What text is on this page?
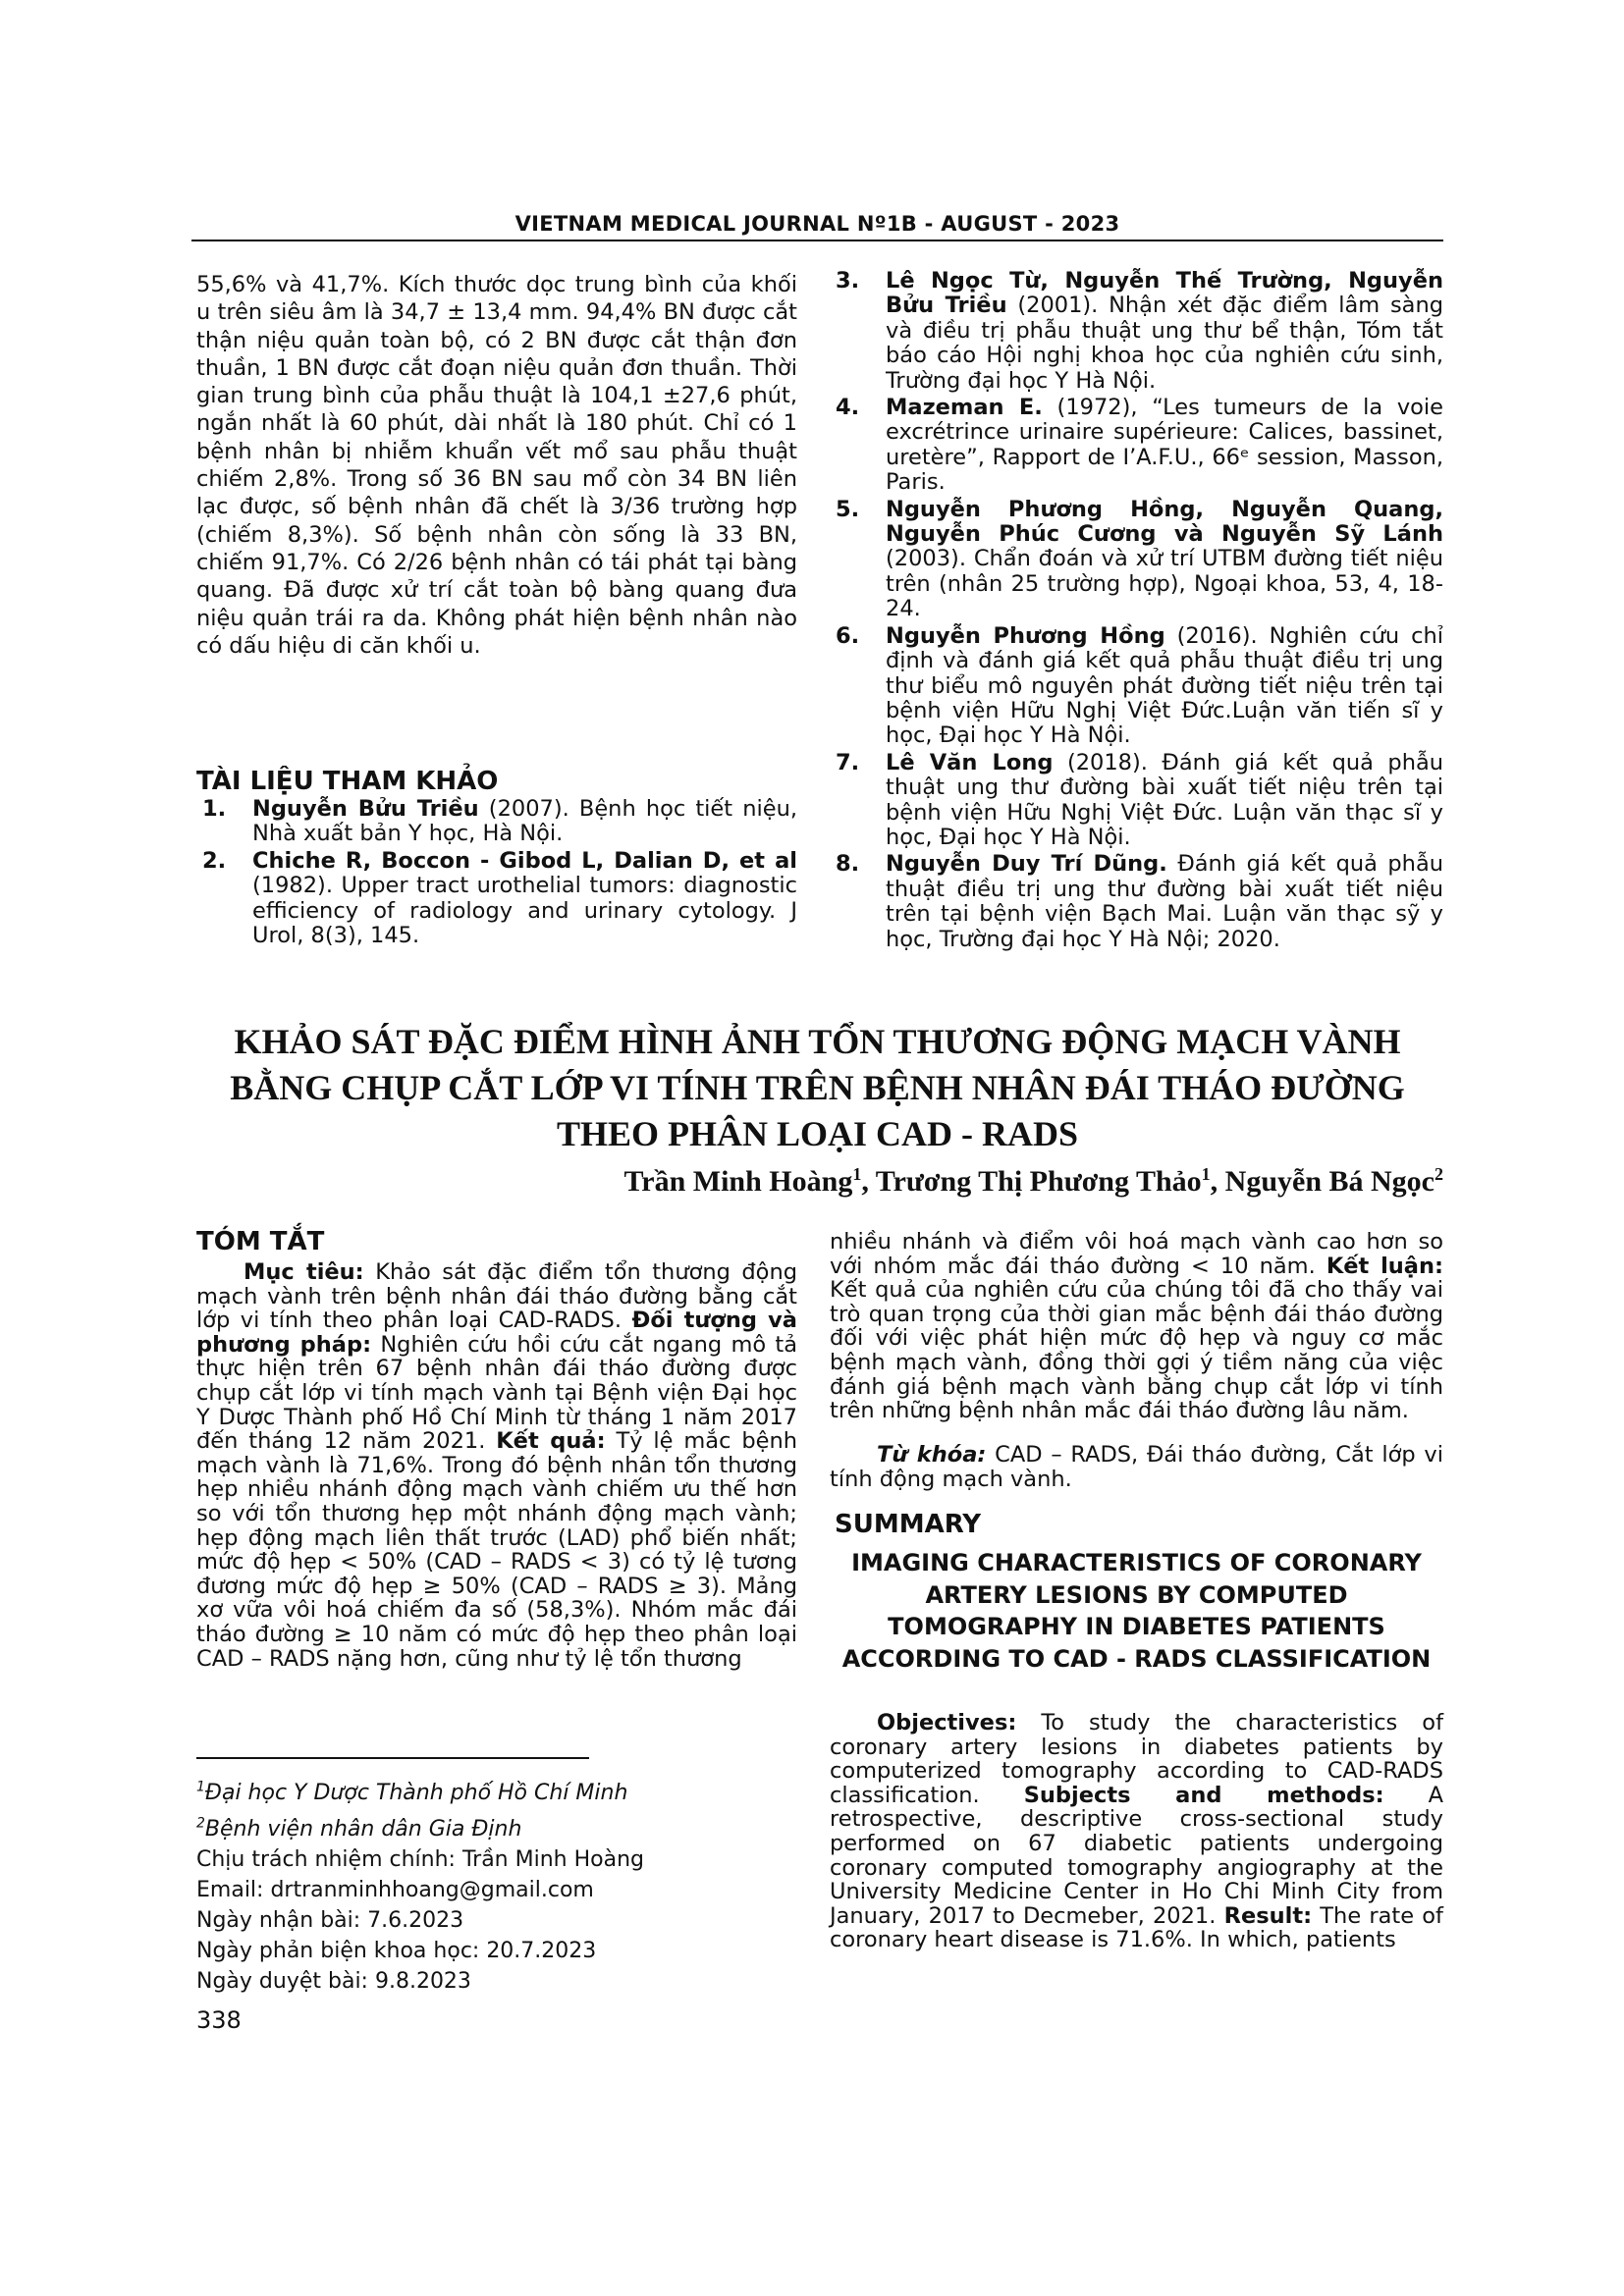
VIETNAM MEDICAL JOURNAL Nº1B - AUGUST - 2023
55,6% và 41,7%. Kích thước dọc trung bình của khối u trên siêu âm là 34,7 ± 13,4 mm. 94,4% BN được cắt thận niệu quản toàn bộ, có 2 BN được cắt thận đơn thuần, 1 BN được cắt đoạn niệu quản đơn thuần. Thời gian trung bình của phẫu thuật là 104,1 ±27,6 phút, ngắn nhất là 60 phút, dài nhất là 180 phút. Chỉ có 1 bệnh nhân bị nhiễm khuẩn vết mổ sau phẫu thuật chiếm 2,8%. Trong số 36 BN sau mổ còn 34 BN liên lạc được, số bệnh nhân đã chết là 3/36 trường hợp (chiếm 8,3%). Số bệnh nhân còn sống là 33 BN, chiếm 91,7%. Có 2/26 bệnh nhân có tái phát tại bàng quang. Đã được xử trí cắt toàn bộ bàng quang đưa niệu quản trái ra da. Không phát hiện bệnh nhân nào có dấu hiệu di căn khối u.
TÀI LIỆU THAM KHẢO
1. Nguyễn Bửu Triều (2007). Bệnh học tiết niệu, Nhà xuất bản Y học, Hà Nội.
2. Chiche R, Boccon - Gibod L, Dalian D, et al (1982). Upper tract urothelial tumors: diagnostic efficiency of radiology and urinary cytology. J Urol, 8(3), 145.
3. Lê Ngọc Từ, Nguyễn Thế Trường, Nguyễn Bửu Triều (2001). Nhận xét đặc điểm lâm sàng và điều trị phẫu thuật ung thư bể thận, Tóm tắt báo cáo Hội nghị khoa học của nghiên cứu sinh, Trường đại học Y Hà Nội.
4. Mazeman E. (1972), “Les tumeurs de la voie excrétrince urinaire supérieure: Calices, bassinet, uretère”, Rapport de I’A.F.U., 66ᵉ session, Masson, Paris.
5. Nguyễn Phương Hồng, Nguyễn Quang, Nguyễn Phúc Cương và Nguyễn Sỹ Lánh (2003). Chẩn đoán và xử trí UTBM đường tiết niệu trên (nhân 25 trường hợp), Ngoại khoa, 53, 4, 18-24.
6. Nguyễn Phương Hồng (2016). Nghiên cứu chỉ định và đánh giá kết quả phẫu thuật điều trị ung thư biểu mô nguyên phát đường tiết niệu trên tại bệnh viện Hữu Nghị Việt Đức.Luận văn tiến sĩ y học, Đại học Y Hà Nội.
7. Lê Văn Long (2018). Đánh giá kết quả phẫu thuật ung thư đường bài xuất tiết niệu trên tại bệnh viện Hữu Nghị Việt Đức. Luận văn thạc sĩ y học, Đại học Y Hà Nội.
8. Nguyễn Duy Trí Dũng. Đánh giá kết quả phẫu thuật điều trị ung thư đường bài xuất tiết niệu trên tại bệnh viện Bạch Mai. Luận văn thạc sỹ y học, Trường đại học Y Hà Nội; 2020.
KHẢO SÁT ĐẶC ĐIỂM HÌNH ẢNH TỔN THƯƠNG ĐỘNG MẠCH VÀNH
BẰNG CHỤP CẮT LỚP VI TÍNH TRÊN BỆNH NHÂN ĐÁI THÁO ĐƯỜNG
THEO PHÂN LOẠI CAD - RADS
Trần Minh Hoàng$^1$, Trương Thị Phương Thảo$^1$, Nguyễn Bá Ngọc$^2$
TÓM TẮT
Mục tiêu: Khảo sát đặc điểm tổn thương động mạch vành trên bệnh nhân đái tháo đường bằng cắt lớp vi tính theo phân loại CAD-RADS. Đối tượng và phương pháp: Nghiên cứu hồi cứu cắt ngang mô tả thực hiện trên 67 bệnh nhân đái tháo đường được chụp cắt lớp vi tính mạch vành tại Bệnh viện Đại học Y Dược Thành phố Hồ Chí Minh từ tháng 1 năm 2017 đến tháng 12 năm 2021. Kết quả: Tỷ lệ mắc bệnh mạch vành là 71,6%. Trong đó bệnh nhân tổn thương hẹp nhiều nhánh động mạch vành chiếm ưu thế hơn so với tổn thương hẹp một nhánh động mạch vành; hẹp động mạch liên thất trước (LAD) phổ biến nhất; mức độ hẹp < 50% (CAD – RADS < 3) có tỷ lệ tương đương mức độ hẹp ≥ 50% (CAD – RADS ≥ 3). Mảng xơ vữa vôi hoá chiếm đa số (58,3%). Nhóm mắc đái tháo đường ≥ 10 năm có mức độ hẹp theo phân loại CAD – RADS nặng hơn, cũng như tỷ lệ tổn thương
nhiều nhánh và điểm vôi hoá mạch vành cao hơn so với nhóm mắc đái tháo đường < 10 năm. Kết luận: Kết quả của nghiên cứu của chúng tôi đã cho thấy vai trò quan trọng của thời gian mắc bệnh đái tháo đường đối với việc phát hiện mức độ hẹp và nguy cơ mắc bệnh mạch vành, đồng thời gợi ý tiềm năng của việc đánh giá bệnh mạch vành bằng chụp cắt lớp vi tính trên những bệnh nhân mắc đái tháo đường lâu năm.
Từ khóa: CAD – RADS, Đái tháo đường, Cắt lớp vi tính động mạch vành.
SUMMARY
IMAGING CHARACTERISTICS OF CORONARY ARTERY LESIONS BY COMPUTED TOMOGRAPHY IN DIABETES PATIENTS ACCORDING TO CAD - RADS CLASSIFICATION
Objectives: To study the characteristics of coronary artery lesions in diabetes patients by computerized tomography according to CAD-RADS classification. Subjects and methods: A retrospective, descriptive cross-sectional study performed on 67 diabetic patients undergoing coronary computed tomography angiography at the University Medicine Center in Ho Chi Minh City from January, 2017 to Decmeber, 2021. Result: The rate of coronary heart disease is 71.6%. In which, patients
$^1$Đại học Y Dược Thành phố Hồ Chí Minh
$^2$Bệnh viện nhân dân Gia Định
Chịu trách nhiệm chính: Trần Minh Hoàng
Email: drtranminhhoang@gmail.com
Ngày nhận bài: 7.6.2023
Ngày phản biện khoa học: 20.7.2023
Ngày duyệt bài: 9.8.2023
338
